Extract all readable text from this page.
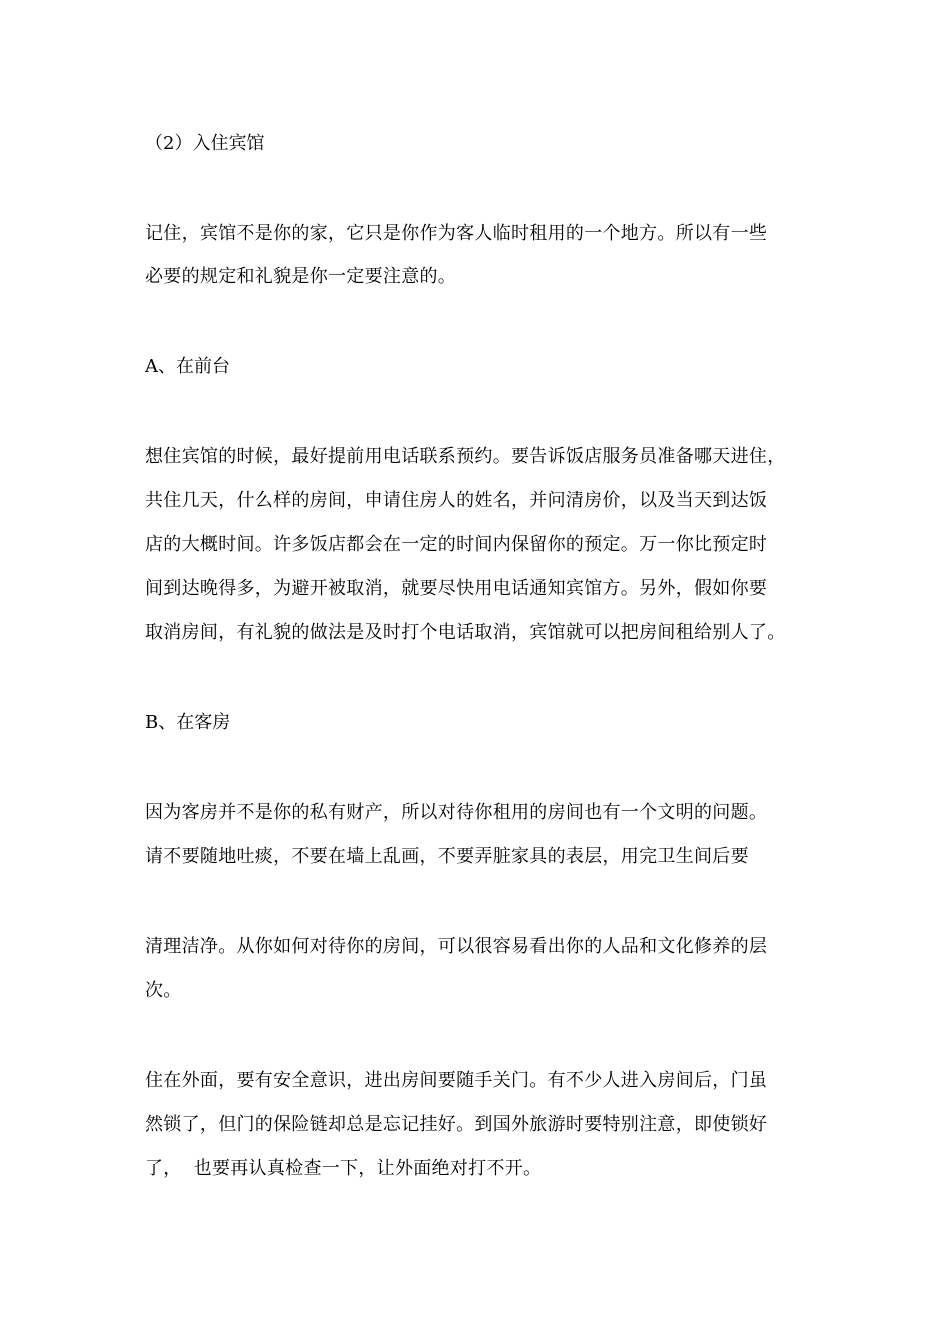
（2）入住宾馆

记住，宾馆不是你的家，它只是你作为客人临时租用的一个地方。所以有一些

必要的规定和礼貌是你一定要注意的。

A、在前台

想住宾馆的时候，最好提前用电话联系预约。要告诉饭店服务员准备哪天进住，

共住几天，什么样的房间，申请住房人的姓名，并问清房价，以及当天到达饭

店的大概时间。许多饭店都会在一定的时间内保留你的预定。万一你比预定时

间到达晚得多，为避开被取消，就要尽快用电话通知宾馆方。另外，假如你要

取消房间，有礼貌的做法是及时打个电话取消，宾馆就可以把房间租给别人了。

B、在客房

因为客房并不是你的私有财产，所以对待你租用的房间也有一个文明的问题。

请不要随地吐痰，不要在墙上乱画，不要弄脏家具的表层，用完卫生间后要

清理洁净。从你如何对待你的房间，可以很容易看出你的人品和文化修养的层

次。

住在外面，要有安全意识，进出房间要随手关门。有不少人进入房间后，门虽

然锁了，但门的保险链却总是忘记挂好。到国外旅游时要特别注意，即使锁好

了，  也要再认真检查一下，让外面绝对打不开。
